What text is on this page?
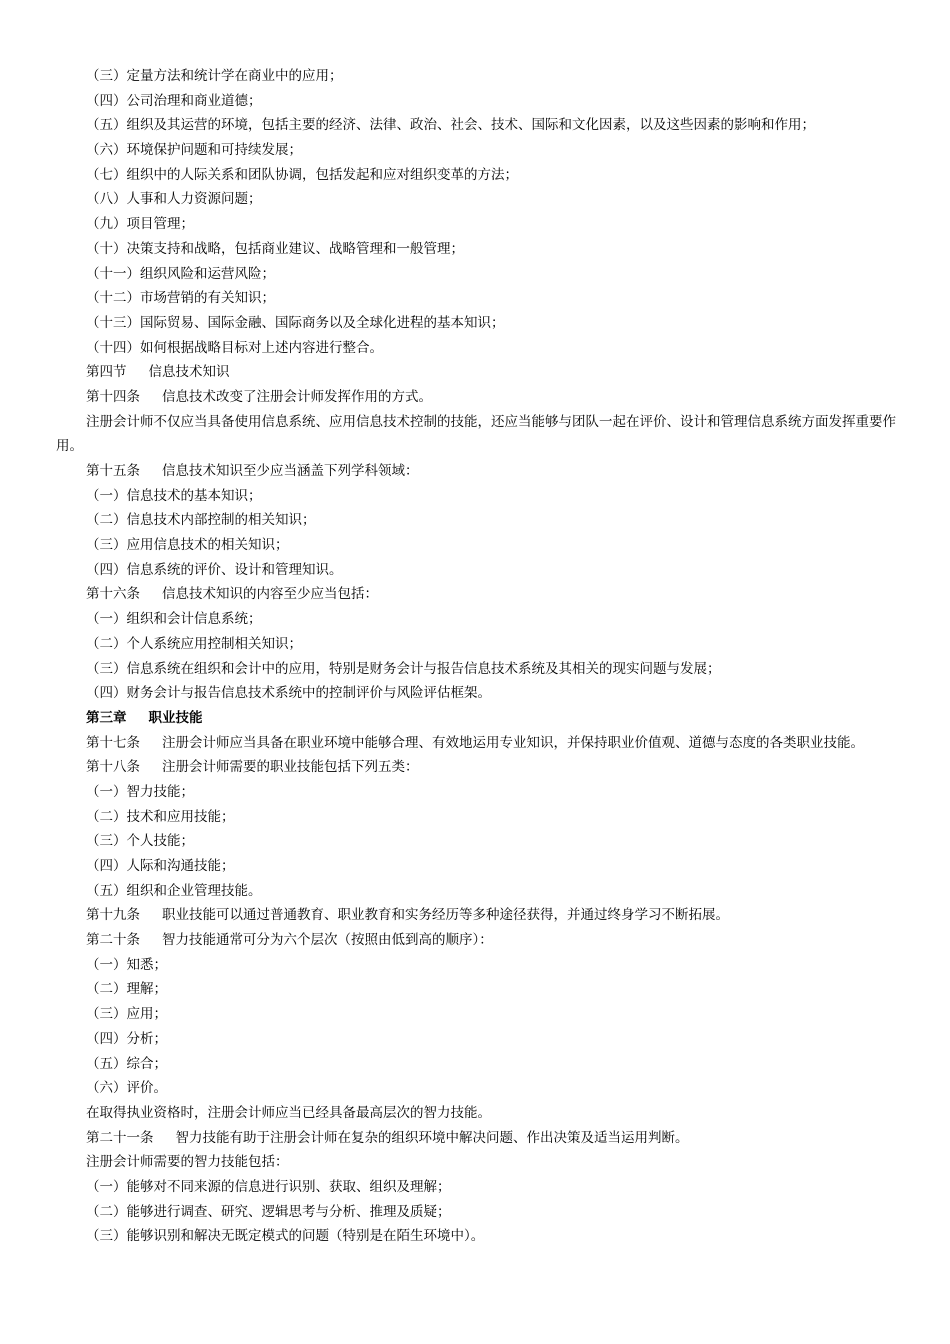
（三）定量方法和统计学在商业中的应用；
（四）公司治理和商业道德；
（五）组织及其运营的环境，包括主要的经济、法律、政治、社会、技术、国际和文化因素，以及这些因素的影响和作用；
（六）环境保护问题和可持续发展；
（七）组织中的人际关系和团队协调，包括发起和应对组织变革的方法；
（八）人事和人力资源问题；
（九）项目管理；
（十）决策支持和战略，包括商业建议、战略管理和一般管理；
（十一）组织风险和运营风险；
（十二）市场营销的有关知识；
（十三）国际贸易、国际金融、国际商务以及全球化进程的基本知识；
（十四）如何根据战略目标对上述内容进行整合。
第四节 信息技术知识
第十四条 信息技术改变了注册会计师发挥作用的方式。
注册会计师不仅应当具备使用信息系统、应用信息技术控制的技能，还应当能够与团队一起在评价、设计和管理信息系统方面发挥重要作用。
第十五条 信息技术知识至少应当涵盖下列学科领域：
（一）信息技术的基本知识；
（二）信息技术内部控制的相关知识；
（三）应用信息技术的相关知识；
（四）信息系统的评价、设计和管理知识。
第十六条 信息技术知识的内容至少应当包括：
（一）组织和会计信息系统；
（二）个人系统应用控制相关知识；
（三）信息系统在组织和会计中的应用，特别是财务会计与报告信息技术系统及其相关的现实问题与发展；
（四）财务会计与报告信息技术系统中的控制评价与风险评估框架。
第三章 职业技能
第十七条 注册会计师应当具备在职业环境中能够合理、有效地运用专业知识，并保持职业价值观、道德与态度的各类职业技能。
第十八条 注册会计师需要的职业技能包括下列五类：
（一）智力技能；
（二）技术和应用技能；
（三）个人技能；
（四）人际和沟通技能；
（五）组织和企业管理技能。
第十九条 职业技能可以通过普通教育、职业教育和实务经历等多种途径获得，并通过终身学习不断拓展。
第二十条 智力技能通常可分为六个层次（按照由低到高的顺序）：
（一）知悉；
（二）理解；
（三）应用；
（四）分析；
（五）综合；
（六）评价。
在取得执业资格时，注册会计师应当已经具备最高层次的智力技能。
第二十一条 智力技能有助于注册会计师在复杂的组织环境中解决问题、作出决策及适当运用判断。
注册会计师需要的智力技能包括：
（一）能够对不同来源的信息进行识别、获取、组织及理解；
（二）能够进行调查、研究、逻辑思考与分析、推理及质疑；
（三）能够识别和解决无既定模式的问题（特别是在陌生环境中）。
